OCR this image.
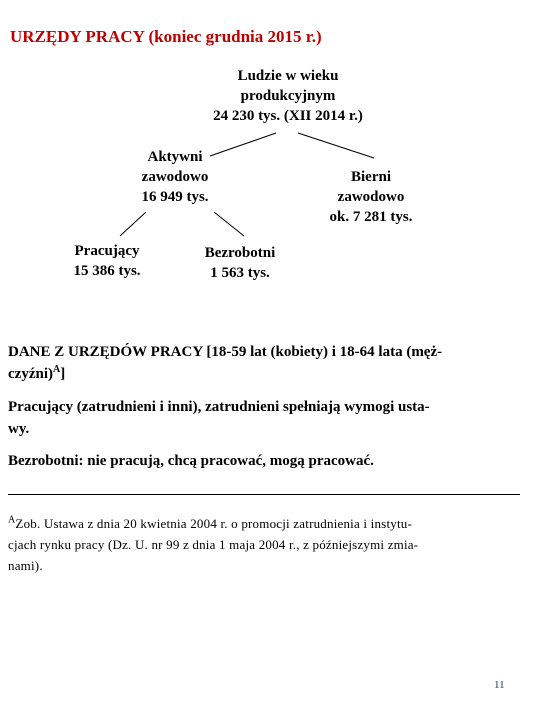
URZĘDY PRACY (koniec grudnia 2015 r.)
Ludzie w wieku
produkcyjnym
24 230 tys. (XII 2014 r.)
Aktywni
zawodowo
16 949 tys.
Bierni
zawodowo
ok. 7 281 tys.
Pracujący
15 386 tys.
Bezrobotni
1 563 tys.
DANE Z URZĘDÓW PRACY [18-59 lat (kobiety) i 18-64 lata (męż-
czyźni)$^A$]
Pracujący (zatrudnieni i inni), zatrudnieni spełniają wymogi usta-
wy.
Bezrobotni: nie pracują, chcą pracować, mogą pracować.
$^A$Zob. Ustawa z dnia 20 kwietnia 2004 r. o promocji zatrudnienia i instytu-
cjach rynku pracy (Dz. U. nr 99 z dnia 1 maja 2004 r., z późniejszymi zmia-
nami).
11
